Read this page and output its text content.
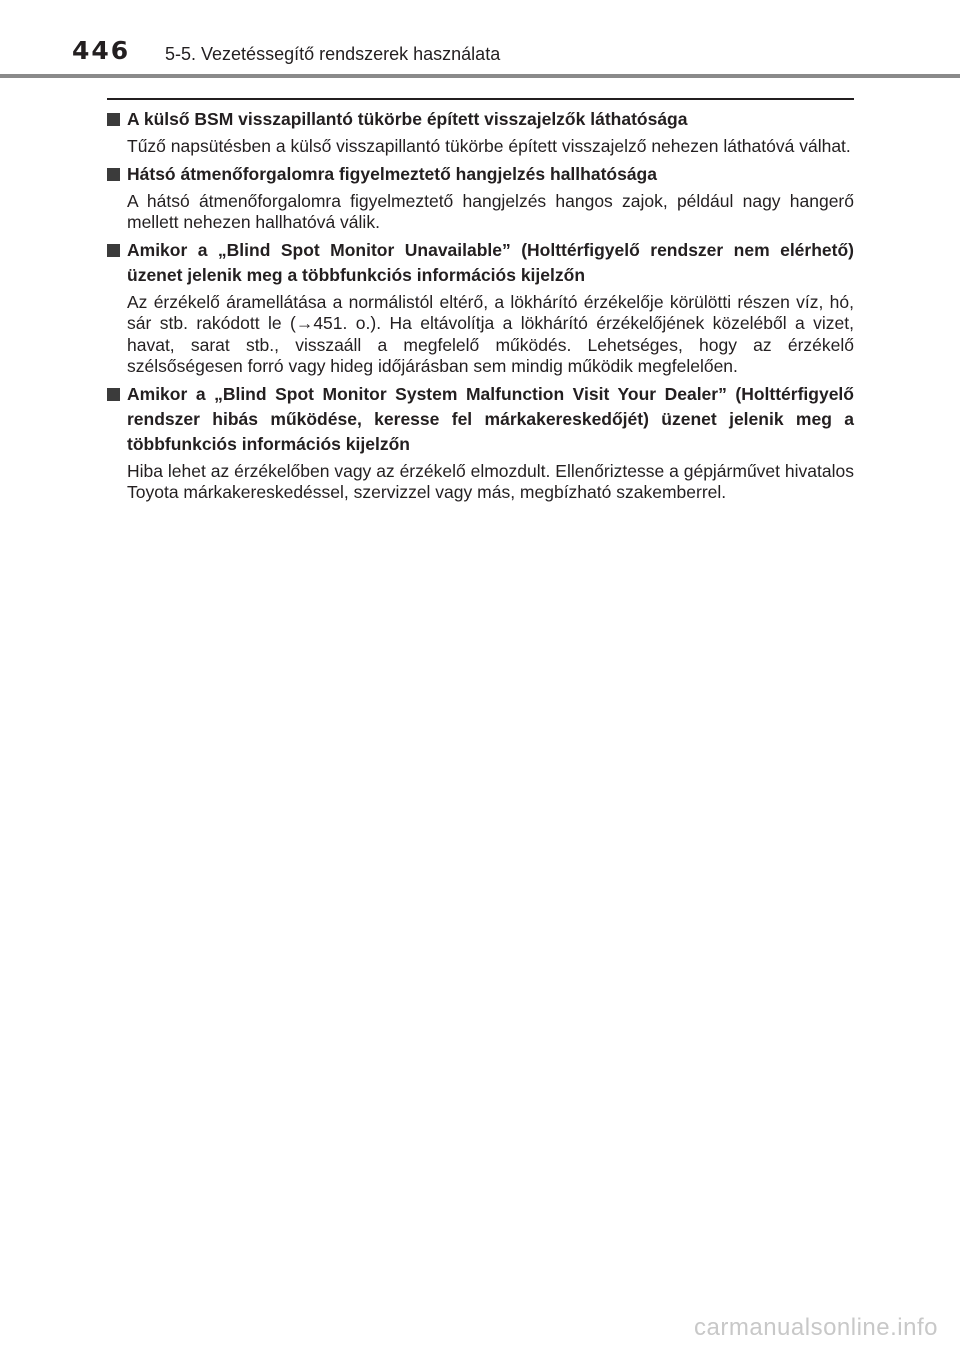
446 5-5. Vezetéssegítő rendszerek használata
A külső BSM visszapillantó tükörbe épített visszajelzők láthatósága
Tűző napsütésben a külső visszapillantó tükörbe épített visszajelző nehezen láthatóvá válhat.
Hátsó átmenőforgalomra figyelmeztető hangjelzés hallhatósága
A hátsó átmenőforgalomra figyelmeztető hangjelzés hangos zajok, például nagy hangerő mellett nehezen hallhatóvá válik.
Amikor a „Blind Spot Monitor Unavailable” (Holttérfigyelő rendszer nem elérhető) üzenet jelenik meg a többfunkciós információs kijelzőn
Az érzékelő áramellátása a normálistól eltérő, a lökhárító érzékelője körülötti részen víz, hó, sár stb. rakódott le (→451. o.). Ha eltávolítja a lökhárító érzékelőjének közeléből a vizet, havat, sarat stb., visszaáll a megfelelő működés. Lehetséges, hogy az érzékelő szélsőségesen forró vagy hideg időjárásban sem mindig működik megfelelően.
Amikor a „Blind Spot Monitor System Malfunction Visit Your Dealer” (Holttérfigyelő rendszer hibás működése, keresse fel márkakereskedőjét) üzenet jelenik meg a többfunkciós információs kijelzőn
Hiba lehet az érzékelőben vagy az érzékelő elmozdult. Ellenőriztesse a gépjárművet hivatalos Toyota márkakereskedéssel, szervizzel vagy más, megbízható szakemberrel.
carmanualsonline.info
